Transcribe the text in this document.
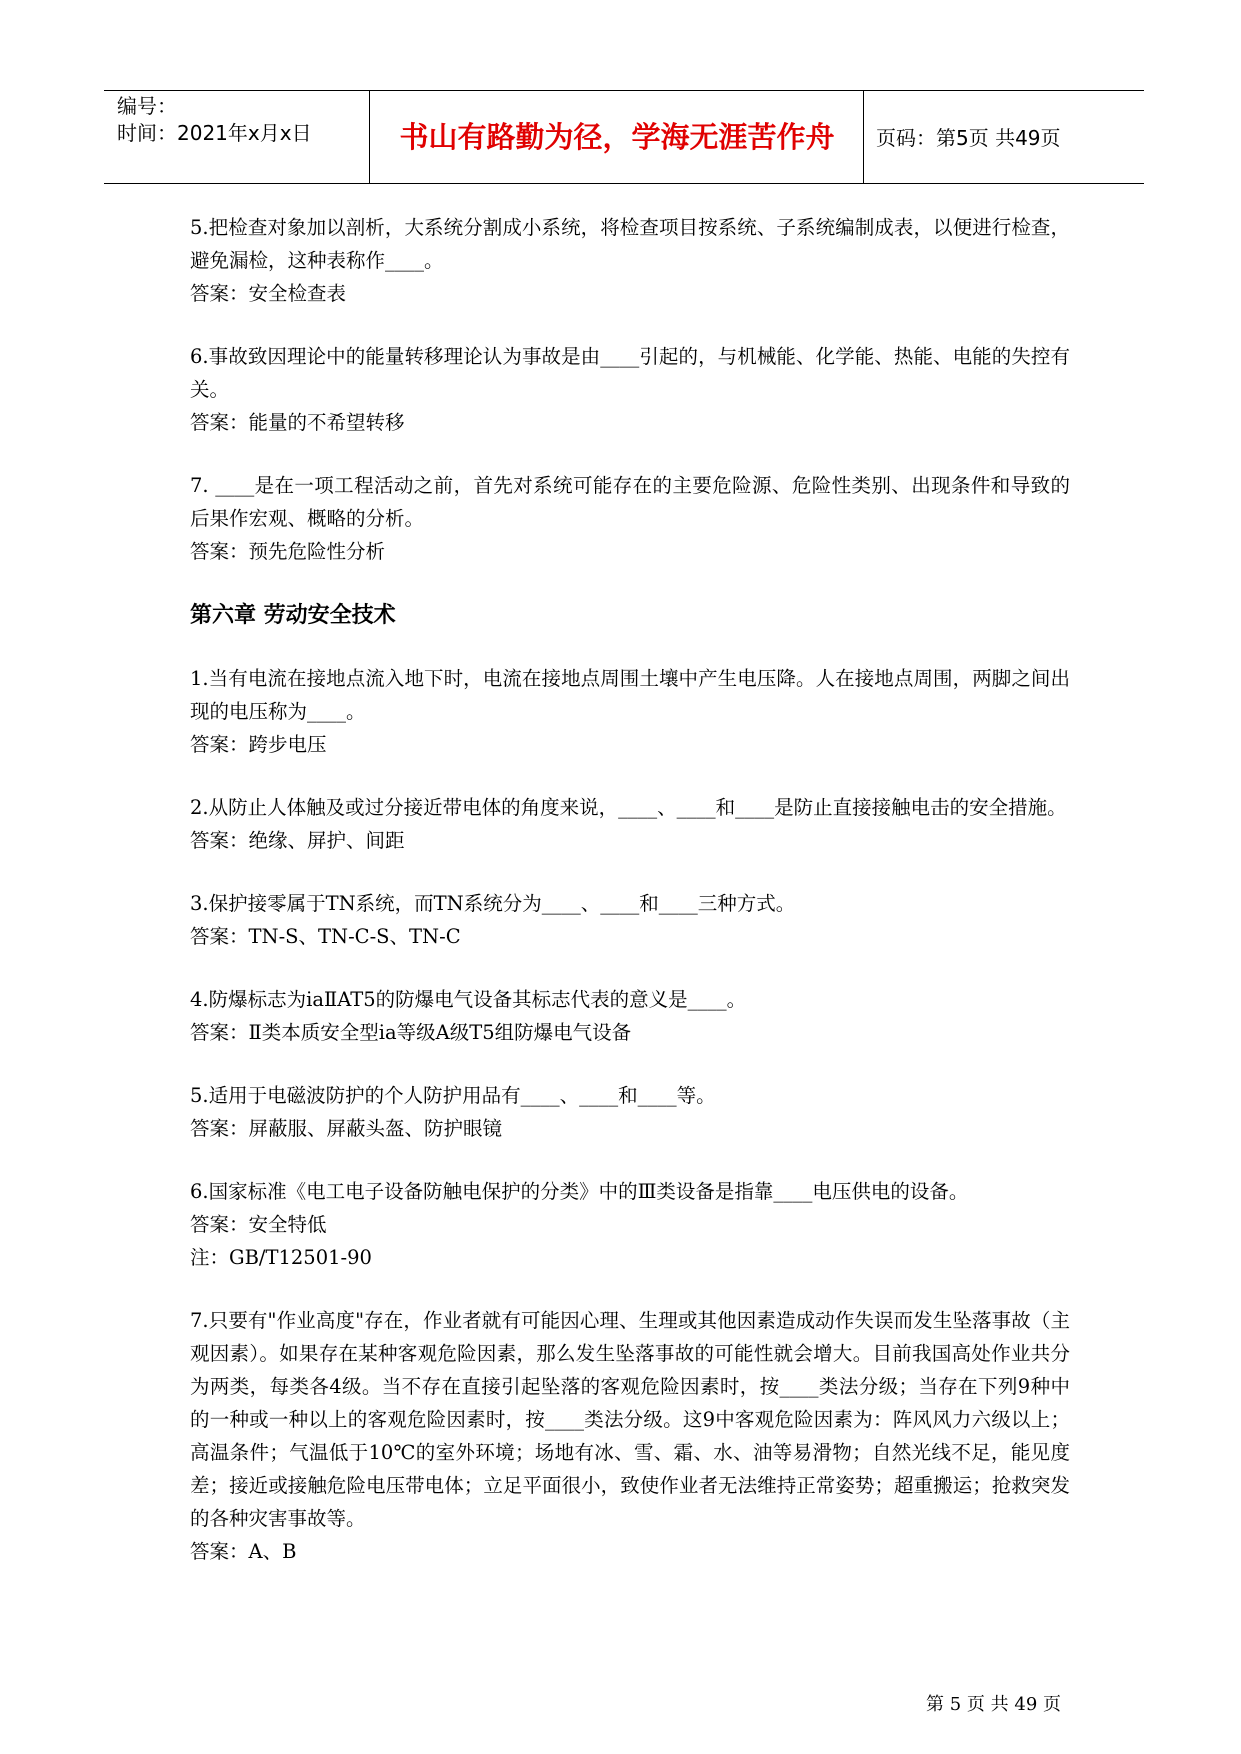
编号：
时间：2021年x月x日	书山有路勤为径，学海无涯苦作舟	页码：第5页 共49页

5.把检查对象加以剖析，大系统分割成小系统，将检查项目按系统、子系统编制成表，以便进行检查，避免漏检，这种表称作____。

答案：安全检查表

6.事故致因理论中的能量转移理论认为事故是由____引起的，与机械能、化学能、热能、电能的失控有关。

答案：能量的不希望转移

7. ____是在一项工程活动之前，首先对系统可能存在的主要危险源、危险性类别、出现条件和导致的后果作宏观、概略的分析。

答案：预先危险性分析

第六章 劳动安全技术

1.当有电流在接地点流入地下时，电流在接地点周围土壤中产生电压降。人在接地点周围，两脚之间出现的电压称为____。

答案：跨步电压

2.从防止人体触及或过分接近带电体的角度来说，____、____和____是防止直接接触电击的安全措施。

答案：绝缘、屏护、间距

3.保护接零属于TN系统，而TN系统分为____、____和____三种方式。

答案：TN-S、TN-C-S、TN-C

4.防爆标志为iaⅡAT5的防爆电气设备其标志代表的意义是____。

答案：Ⅱ类本质安全型ia等级A级T5组防爆电气设备

5.适用于电磁波防护的个人防护用品有____、____和____等。

答案：屏蔽服、屏蔽头盔、防护眼镜

6.国家标准《电工电子设备防触电保护的分类》中的Ⅲ类设备是指靠____电压供电的设备。

答案：安全特低

注：GB/T12501-90

7.只要有"作业高度"存在，作业者就有可能因心理、生理或其他因素造成动作失误而发生坠落事故（主观因素）。如果存在某种客观危险因素，那么发生坠落事故的可能性就会增大。目前我国高处作业共分为两类，每类各4级。当不存在直接引起坠落的客观危险因素时，按____类法分级；当存在下列9种中的一种或一种以上的客观危险因素时，按____类法分级。这9中客观危险因素为：阵风风力六级以上；高温条件；气温低于10℃的室外环境；场地有冰、雪、霜、水、油等易滑物；自然光线不足，能见度差；接近或接触危险电压带电体；立足平面很小，致使作业者无法维持正常姿势；超重搬运；抢救突发的各种灾害事故等。

答案：A、B

第 5 页 共 49 页
